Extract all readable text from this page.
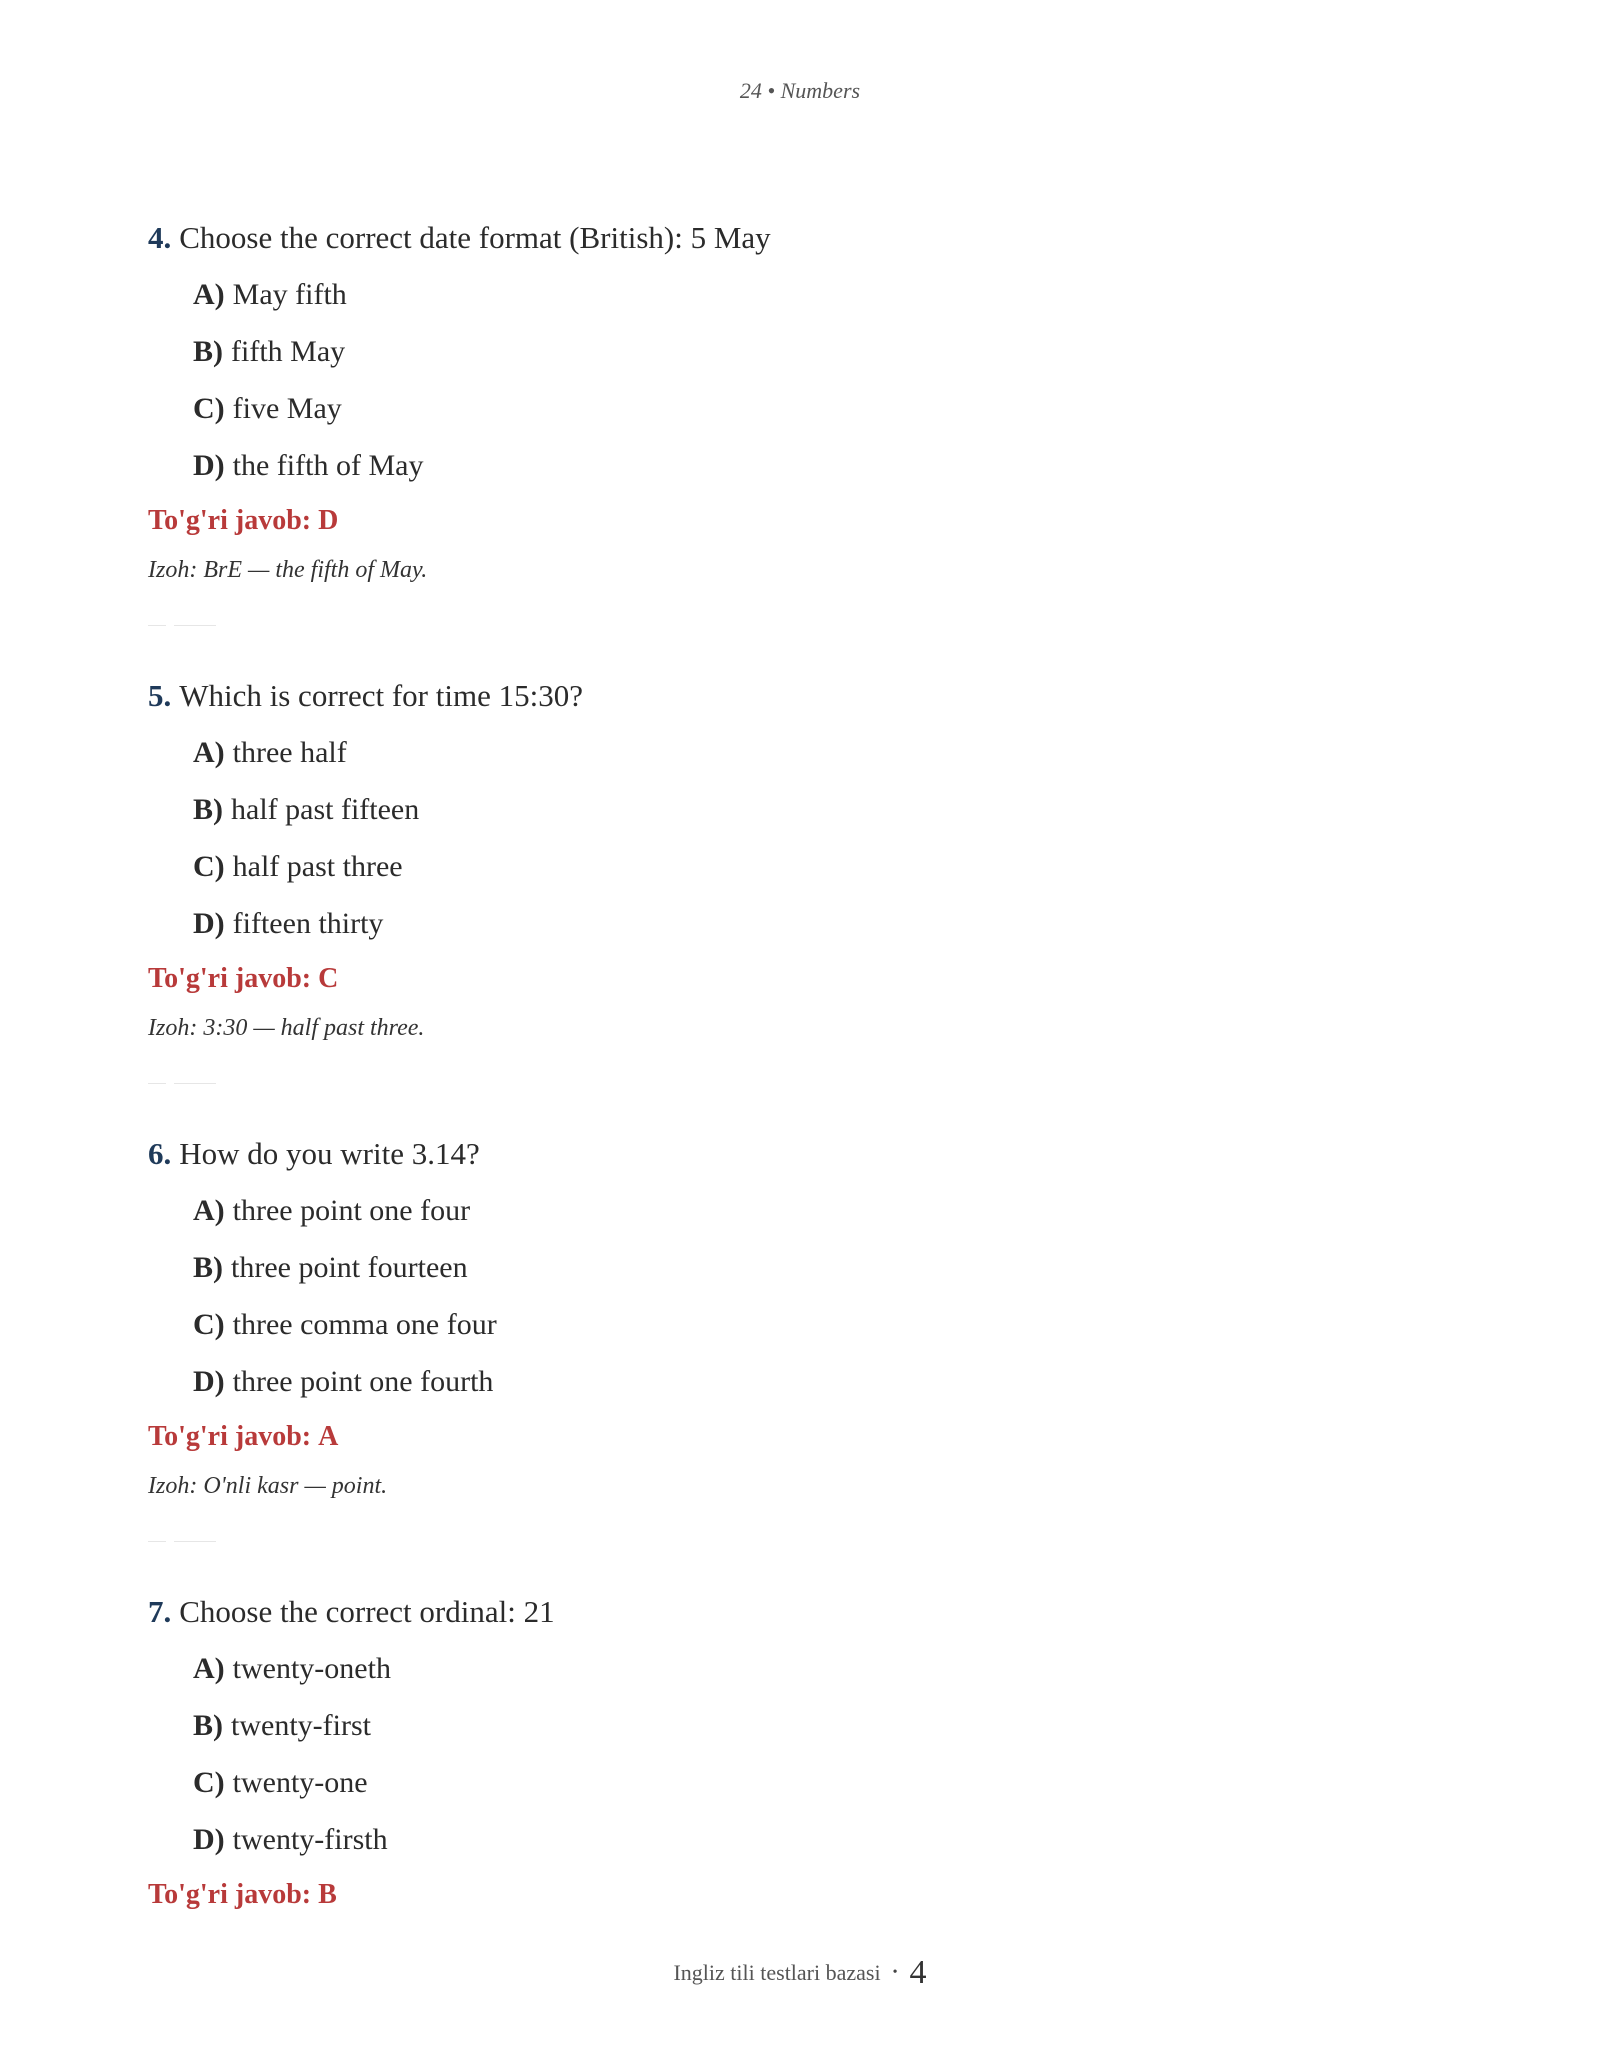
24 • Numbers
4. Choose the correct date format (British): 5 May
A) May fifth
B) fifth May
C) five May
D) the fifth of May
To'g'ri javob: D
Izoh: BrE — the fifth of May.
5. Which is correct for time 15:30?
A) three half
B) half past fifteen
C) half past three
D) fifteen thirty
To'g'ri javob: C
Izoh: 3:30 — half past three.
6. How do you write 3.14?
A) three point one four
B) three point fourteen
C) three comma one four
D) three point one fourth
To'g'ri javob: A
Izoh: O'nli kasr — point.
7. Choose the correct ordinal: 21
A) twenty-oneth
B) twenty-first
C) twenty-one
D) twenty-firsth
To'g'ri javob: B
Ingliz tili testlari bazasi • 4
